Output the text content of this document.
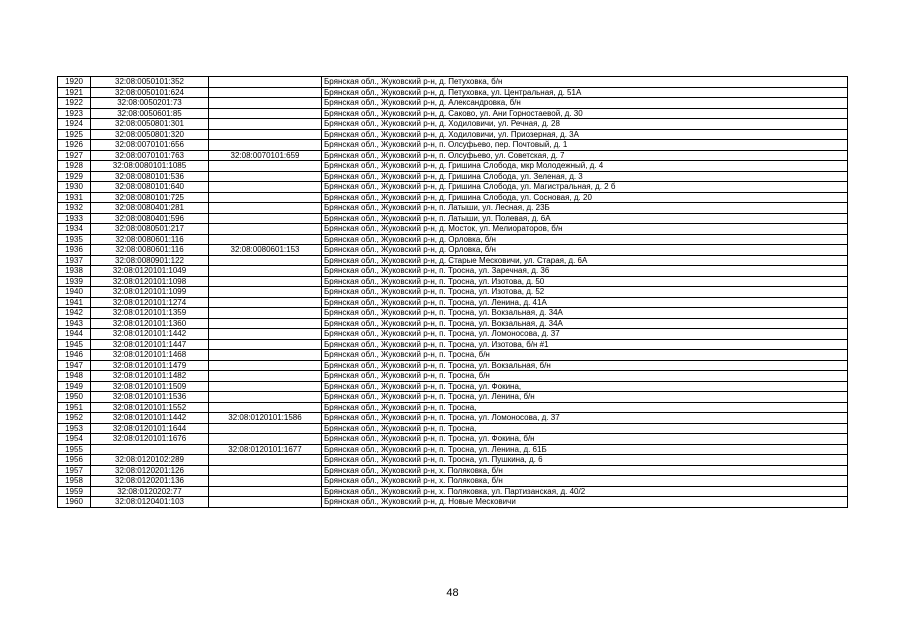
1920	32:08:0050101:352		Брянская обл., Жуковский р-н, д. Петуховка, б/н
1921	32:08:0050101:624		Брянская обл., Жуковский р-н, д. Петуховка, ул. Центральная, д. 51А
1922	32:08:0050201:73		Брянская обл., Жуковский р-н, д. Александровка, б/н
1923	32:08:0050601:85		Брянская обл., Жуковский р-н, д. Саково, ул. Ани Горностаевой, д. 30
1924	32:08:0050801:301		Брянская обл., Жуковский р-н, д. Ходиловичи, ул. Речная, д. 28
1925	32:08:0050801:320		Брянская обл., Жуковский р-н, д. Ходиловичи, ул. Приозерная, д. 3А
1926	32:08:0070101:656		Брянская обл., Жуковский р-н, п. Олсуфьево, пер. Почтовый, д. 1
1927	32:08:0070101:763	32:08:0070101:659	Брянская обл., Жуковский р-н, п. Олсуфьево, ул. Советская, д. 7
1928	32:08:0080101:1085		Брянская обл., Жуковский р-н, д. Гришина Слобода, мкр Молодежный, д. 4
1929	32:08:0080101:536		Брянская обл., Жуковский р-н, д. Гришина Слобода, ул. Зеленая, д. 3
1930	32:08:0080101:640		Брянская обл., Жуковский р-н, д. Гришина Слобода, ул. Магистральная, д. 2 б
1931	32:08:0080101:725		Брянская обл., Жуковский р-н, д. Гришина Слобода, ул. Сосновая, д. 20
1932	32:08:0080401:281		Брянская обл., Жуковский р-н, п. Латыши, ул. Лесная, д. 23Б
1933	32:08:0080401:596		Брянская обл., Жуковский р-н, п. Латыши, ул. Полевая, д. 6А
1934	32:08:0080501:217		Брянская обл., Жуковский р-н, д. Мосток, ул. Мелиораторов, б/н
1935	32:08:0080601:116		Брянская обл., Жуковский р-н, д. Орловка, б/н
1936	32:08:0080601:116	32:08:0080601:153	Брянская обл., Жуковский р-н, д. Орловка, б/н
1937	32:08:0080901:122		Брянская обл., Жуковский р-н, д. Старые Месковичи, ул. Старая, д. 6А
1938	32:08:0120101:1049		Брянская обл., Жуковский р-н, п. Тросна, ул. Заречная, д. 36
1939	32:08:0120101:1098		Брянская обл., Жуковский р-н, п. Тросна, ул. Изотова, д. 50
1940	32:08:0120101:1099		Брянская обл., Жуковский р-н, п. Тросна, ул. Изотова, д. 52
1941	32:08:0120101:1274		Брянская обл., Жуковский р-н, п. Тросна, ул. Ленина, д. 41А
1942	32:08:0120101:1359		Брянская обл., Жуковский р-н, п. Тросна, ул. Вокзальная, д. 34А
1943	32:08:0120101:1360		Брянская обл., Жуковский р-н, п. Тросна, ул. Вокзальная, д. 34А
1944	32:08:0120101:1442		Брянская обл., Жуковский р-н, п. Тросна, ул. Ломоносова, д. 37
1945	32:08:0120101:1447		Брянская обл., Жуковский р-н, п. Тросна, ул. Изотова, б/н #1
1946	32:08:0120101:1468		Брянская обл., Жуковский р-н, п. Тросна, б/н
1947	32:08:0120101:1479		Брянская обл., Жуковский р-н, п. Тросна, ул. Вокзальная, б/н
1948	32:08:0120101:1482		Брянская обл., Жуковский р-н, п. Тросна, б/н
1949	32:08:0120101:1509		Брянская обл., Жуковский р-н, п. Тросна, ул. Фокина,
1950	32:08:0120101:1536		Брянская обл., Жуковский р-н, п. Тросна, ул. Ленина, б/н
1951	32:08:0120101:1552		Брянская обл., Жуковский р-н, п. Тросна,
1952	32:08:0120101:1442	32:08:0120101:1586	Брянская обл., Жуковский р-н, п. Тросна, ул. Ломоносова, д. 37
1953	32:08:0120101:1644		Брянская обл., Жуковский р-н, п. Тросна,
1954	32:08:0120101:1676		Брянская обл., Жуковский р-н, п. Тросна, ул. Фокина, б/н
1955		32:08:0120101:1677	Брянская обл., Жуковский р-н, п. Тросна, ул. Ленина, д. 61Б
1956	32:08:0120102:289		Брянская обл., Жуковский р-н, п. Тросна, ул. Пушкина, д. 6
1957	32:08:0120201:126		Брянская обл., Жуковский р-н, х. Поляковка, б/н
1958	32:08:0120201:136		Брянская обл., Жуковский р-н, х. Поляковка, б/н
1959	32:08:0120202:77		Брянская обл., Жуковский р-н, х. Поляковка, ул. Партизанская, д. 40/2
1960	32:08:0120401:103		Брянская обл., Жуковский р-н, д. Новые Месковичи
48
